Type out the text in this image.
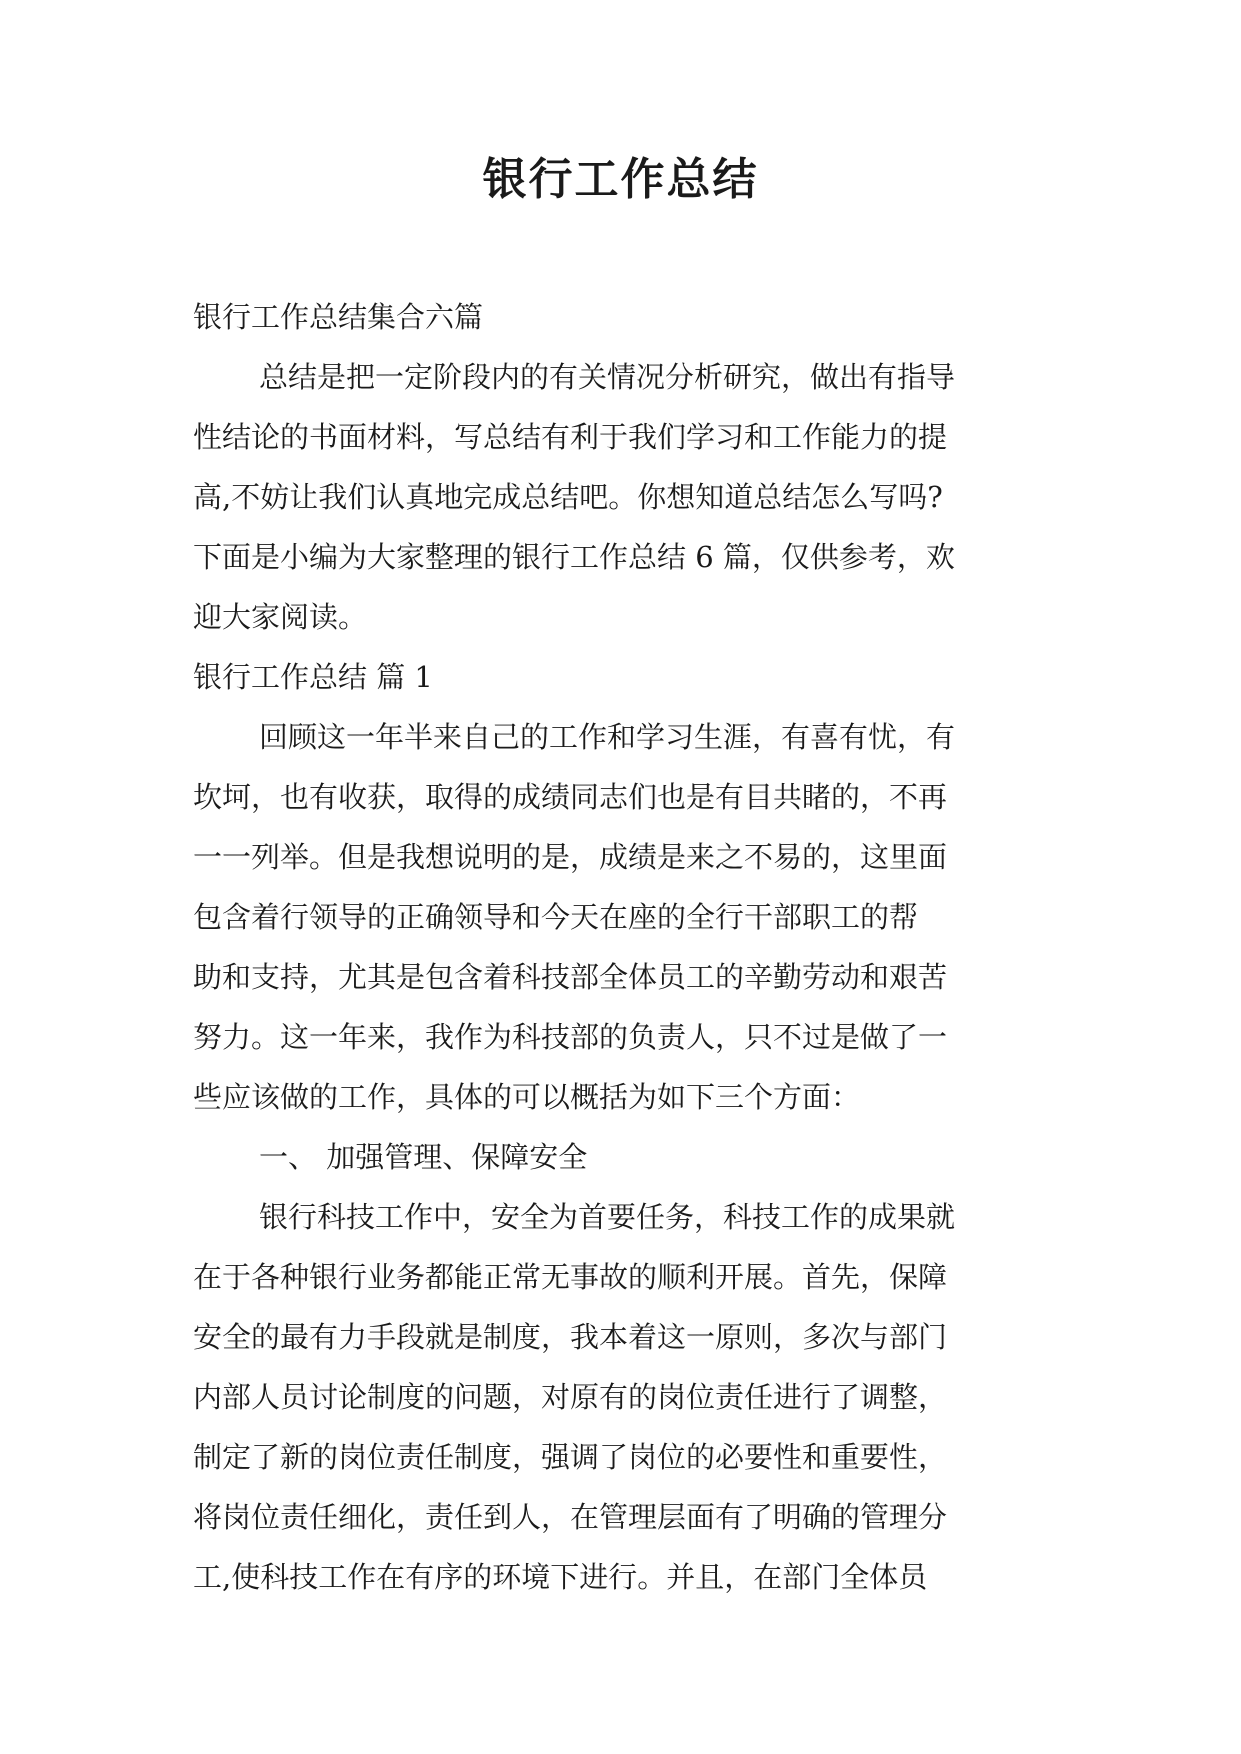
银行工作总结
银行工作总结集合六篇
总结是把一定阶段内的有关情况分析研究，做出有指导
性结论的书面材料，写总结有利于我们学习和工作能力的提
高,不妨让我们认真地完成总结吧。你想知道总结怎么写吗?
下面是小编为大家整理的银行工作总结 6 篇，仅供参考，欢
迎大家阅读。
银行工作总结 篇 1
回顾这一年半来自己的工作和学习生涯，有喜有忧，有
坎坷，也有收获，取得的成绩同志们也是有目共睹的，不再
一一列举。但是我想说明的是，成绩是来之不易的，这里面
包含着行领导的正确领导和今天在座的全行干部职工的帮
助和支持，尤其是包含着科技部全体员工的辛勤劳动和艰苦
努力。这一年来，我作为科技部的负责人，只不过是做了一
些应该做的工作，具体的可以概括为如下三个方面：
一、 加强管理、保障安全
银行科技工作中，安全为首要任务，科技工作的成果就
在于各种银行业务都能正常无事故的顺利开展。首先，保障
安全的最有力手段就是制度，我本着这一原则，多次与部门
内部人员讨论制度的问题，对原有的岗位责任进行了调整，
制定了新的岗位责任制度，强调了岗位的必要性和重要性，
将岗位责任细化，责任到人，在管理层面有了明确的管理分
工,使科技工作在有序的环境下进行。并且，在部门全体员
